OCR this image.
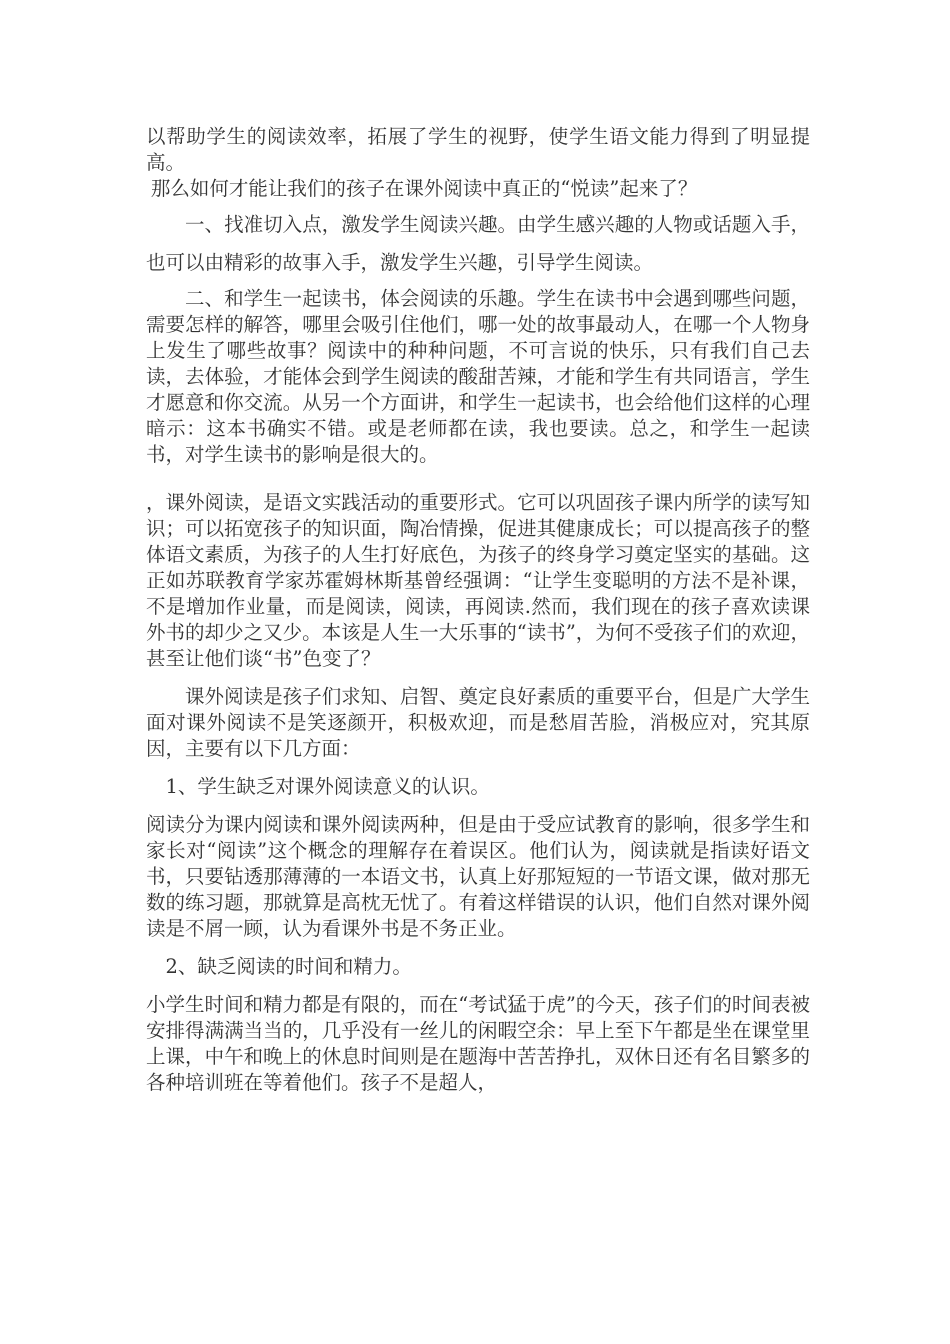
以帮助学生的阅读效率，拓展了学生的视野，使学生语文能力得到了明显提高。

那么如何才能让我们的孩子在课外阅读中真正的“悦读”起来了？

一、找准切入点，激发学生阅读兴趣。由学生感兴趣的人物或话题入手，也可以由精彩的故事入手，激发学生兴趣，引导学生阅读。

二、和学生一起读书，体会阅读的乐趣。学生在读书中会遇到哪些问题，需要怎样的解答，哪里会吸引住他们，哪一处的故事最动人，在哪一个人物身上发生了哪些故事？阅读中的种种问题，不可言说的快乐，只有我们自己去读，去体验，才能体会到学生阅读的酸甜苦辣，才能和学生有共同语言，学生才愿意和你交流。从另一个方面讲，和学生一起读书，也会给他们这样的心理暗示：这本书确实不错。或是老师都在读，我也要读。总之，和学生一起读书，对学生读书的影响是很大的。

，课外阅读，是语文实践活动的重要形式。它可以巩固孩子课内所学的读写知识；可以拓宽孩子的知识面，陶冶情操，促进其健康成长；可以提高孩子的整体语文素质，为孩子的人生打好底色，为孩子的终身学习奠定坚实的基础。这正如苏联教育学家苏霍姆林斯基曾经强调：“让学生变聪明的方法不是补课，不是增加作业量，而是阅读，阅读，再阅读.然而，我们现在的孩子喜欢读课外书的却少之又少。本该是人生一大乐事的“读书”，为何不受孩子们的欢迎，甚至让他们谈“书”色变了？

课外阅读是孩子们求知、启智、奠定良好素质的重要平台，但是广大学生面对课外阅读不是笑逐颜开，积极欢迎，而是愁眉苦脸，消极应对，究其原因，主要有以下几方面：

1、学生缺乏对课外阅读意义的认识。

阅读分为课内阅读和课外阅读两种，但是由于受应试教育的影响，很多学生和家长对“阅读”这个概念的理解存在着误区。他们认为，阅读就是指读好语文书，只要钻透那薄薄的一本语文书，认真上好那短短的一节语文课，做对那无数的练习题，那就算是高枕无忧了。有着这样错误的认识，他们自然对课外阅读是不屑一顾，认为看课外书是不务正业。

2、缺乏阅读的时间和精力。

小学生时间和精力都是有限的，而在“考试猛于虎”的今天，孩子们的时间表被安排得满满当当的，几乎没有一丝儿的闲暇空余：早上至下午都是坐在课堂里上课，中午和晚上的休息时间则是在题海中苦苦挣扎，双休日还有名目繁多的各种培训班在等着他们。孩子不是超人，
